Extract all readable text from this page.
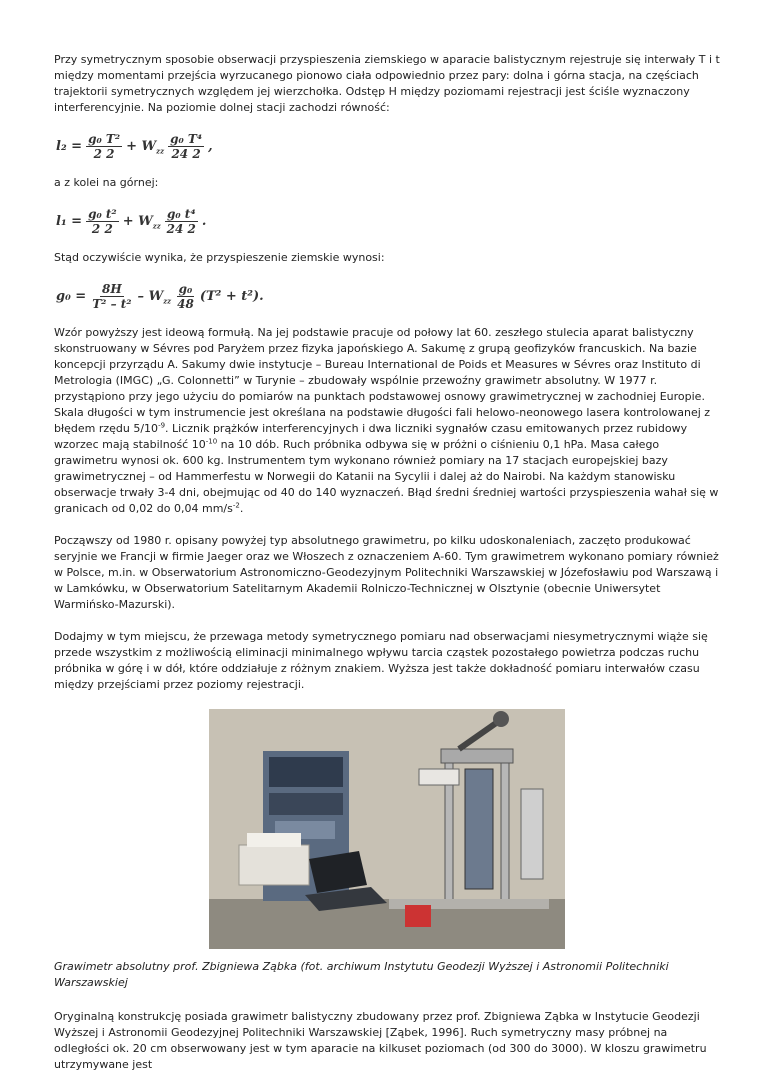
Przy symetrycznym sposobie obserwacji przyspieszenia ziemskiego w aparacie balistycznym rejestruje się interwały T i t między momentami przejścia wyrzucanego pionowo ciała odpowiednio przez pary: dolna i górna stacja, na częściach trajektorii symetrycznych względem jej wierzchołka. Odstęp H między poziomami rejestracji jest ściśle wyznaczony interferencyjnie. Na poziomie dolnej stacji zachodzi równość:

$l_2 = \frac{\text{g₀ T²}}{2 2} + W_{zz} \frac{\text{g₀ T⁴}}{24 2}$ ,

a z kolei na górnej:

$l_1 = \frac{\text{g₀ t²}}{2 2} + W_{zz} \frac{\text{g₀ t⁴}}{24 2}$ .

Stąd oczywiście wynika, że przyspieszenie ziemskie wynosi:

$g_0 = \frac{8H}{\text{T² – t²}} - W_{zz} \frac{\text{g₀}}{48} (T^2 + t^2)$.

Wzór powyższy jest ideową formułą. Na jej podstawie pracuje od połowy lat 60. zeszłego stulecia aparat balistyczny skonstruowany w Sévres pod Paryżem przez fizyka japońskiego A. Sakumę z grupą geofizyków francuskich. Na bazie koncepcji przyrządu A. Sakumy dwie instytucje – Bureau International de Poids et Measures w Sévres oraz Instituto di Metrologia (IMGC) „G. Colonnetti” w Turynie – zbudowały wspólnie przewoźny grawimetr absolutny. W 1977 r. przystąpiono przy jego użyciu do pomiarów na punktach podstawowej osnowy grawimetrycznej w zachodniej Europie. Skala długości w tym instrumencie jest określana na podstawie długości fali helowo-neonowego lasera kontrolowanej z błędem rzędu $5/10^{-9}$. Licznik prążków interferencyjnych i dwa liczniki sygnałów czasu emitowanych przez rubidowy wzorzec mają stabilność $10^{-10}$ na 10 dób. Ruch próbnika odbywa się w próżni o ciśnieniu 0,1 hPa. Masa całego grawimetru wynosi ok. 600 kg. Instrumentem tym wykonano również pomiary na 17 stacjach europejskiej bazy grawimetrycznej – od Hammerfestu w Norwegii do Katanii na Sycylii i dalej aż do Nairobi. Na każdym stanowisku obserwacje trwały 3-4 dni, obejmując od 40 do 140 wyznaczeń. Błąd średni średniej wartości przyspieszenia wahał się w granicach od 0,02 do 0,04 $mm/s^{-2}$.

Począwszy od 1980 r. opisany powyżej typ absolutnego grawimetru, po kilku udoskonaleniach, zaczęto produkować seryjnie we Francji w firmie Jaeger oraz we Włoszech z oznaczeniem A-60. Tym grawimetrem wykonano pomiary również w Polsce, m.in. w Obserwatorium Astronomiczno-Geodezyjnym Politechniki Warszawskiej w Józefosławiu pod Warszawą i w Lamkówku, w Obserwatorium Satelitarnym Akademii Rolniczo-Technicznej w Olsztynie (obecnie Uniwersytet Warmińsko-Mazurski).

Dodajmy w tym miejscu, że przewaga metody symetrycznego pomiaru nad obserwacjami niesymetrycznymi wiąże się przede wszystkim z możliwością eliminacji minimalnego wpływu tarcia cząstek pozostałego powietrza podczas ruchu próbnika w górę i w dół, które oddziałuje z różnym znakiem. Wyższa jest także dokładność pomiaru interwałów czasu między przejściami przez poziomy rejestracji.

Grawimetr absolutny prof. Zbigniewa Ząbka (fot. archiwum Instytutu Geodezji Wyższej i Astronomii Politechniki Warszawskiej

Oryginalną konstrukcję posiada grawimetr balistyczny zbudowany przez prof. Zbigniewa Ząbka w Instytucie Geodezji Wyższej i Astronomii Geodezyjnej Politechniki Warszawskiej [Ząbek, 1996]. Ruch symetryczny masy próbnej na odległości ok. 20 cm obserwowany jest w tym aparacie na kilkuset poziomach (od 300 do 3000). W kloszu grawimetru utrzymywane jest
